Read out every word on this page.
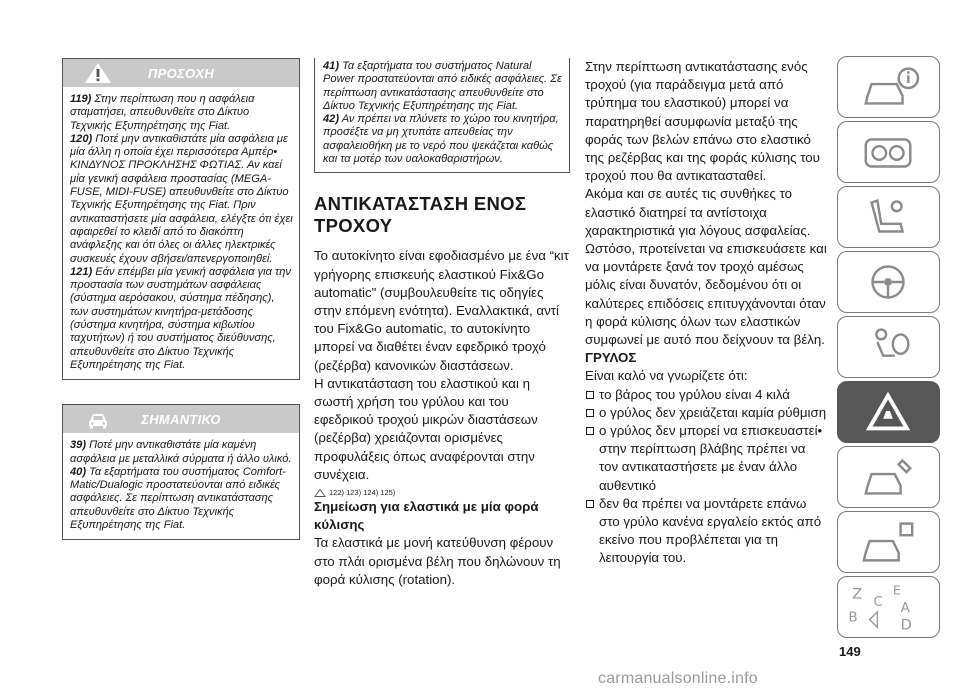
ΠΡΟΣΟΧΗ

119) Στην περίπτωση που η ασφάλεια σταματήσει, απευθυνθείτε στο Δίκτυο Τεχνικής Εξυπηρέτησης της Fiat.

120) Ποτέ μην αντικαθιστάτε μία ασφάλεια με μία άλλη η οποία έχει περισσότερα Αμπέρ• ΚΙΝΔΥΝΟΣ ΠΡΟΚΛΗΣΗΣ ΦΩΤΙΑΣ. Αν καεί μία γενική ασφάλεια προστασίας (MEGA-FUSE, MIDI-FUSE) απευθυνθείτε στο Δίκτυο Τεχνικής Εξυπηρέτησης της Fiat. Πριν αντικαταστήσετε μία ασφάλεια, ελέγξτε ότι έχει αφαιρεθεί το κλειδί από το διακόπτη ανάφλεξης και ότι όλες οι άλλες ηλεκτρικές συσκευές έχουν σβήσει/απενεργοποιηθεί.

121) Εάν επέμβει μία γενική ασφάλεια για την προστασία των συστημάτων ασφάλειας (σύστημα αερόσακου, σύστημα πέδησης), των συστημάτων κινητήρα-μετάδοσης (σύστημα κινητήρα, σύστημα κιβωτίου ταχυτήτων) ή του συστήματος διεύθυνσης, απευθυνθείτε στο Δίκτυο Τεχνικής Εξυπηρέτησης της Fiat.

ΣΗΜΑΝΤΙΚΟ

39) Ποτέ μην αντικαθιστάτε μία καμένη ασφάλεια με μεταλλικά σύρματα ή άλλο υλικό.

40) Τα εξαρτήματα του συστήματος Comfort-Matic/Dualogic προστατεύονται από ειδικές ασφάλειες. Σε περίπτωση αντικατάστασης απευθυνθείτε στο Δίκτυο Τεχνικής Εξυπηρέτησης της Fiat.

41) Τα εξαρτήματα του συστήματος Natural Power προστατεύονται από ειδικές ασφάλειες. Σε περίπτωση αντικατάστασης απευθυνθείτε στο Δίκτυο Τεχνικής Εξυπηρέτησης της Fiat.

42) Αν πρέπει να πλύνετε το χώρο του κινητήρα, προσέξτε να μη χτυπάτε απευθείας την ασφαλειοθήκη με το νερό που ψεκάζεται καθώς και τα μοτέρ των υαλοκαθαριστήρων.

ΑΝΤΙΚΑΤΑΣΤΑΣΗ ΕΝΟΣ
ΤΡΟΧΟΥ

Το αυτοκίνητο είναι εφοδιασμένο με ένα “κιτ γρήγορης επισκευής ελαστικού Fix&Go automatic" (συμβουλευθείτε τις οδηγίες στην επόμενη ενότητα). Εναλλακτικά, αντί του Fix&Go automatic, το αυτοκίνητο μπορεί να διαθέτει έναν εφεδρικό τροχό (ρεζέρβα) κανονικών διαστάσεων.

Η αντικατάσταση του ελαστικού και η σωστή χρήση του γρύλου και του εφεδρικού τροχού μικρών διαστάσεων (ρεζέρβα) χρειάζονται ορισμένες προφυλάξεις όπως αναφέρονται στην συνέχεια.

122) 123) 124) 125)

Σημείωση για ελαστικά με μία φορά κύλισης

Τα ελαστικά με μονή κατεύθυνση φέρουν στο πλάι ορισμένα βέλη που δηλώνουν τη φορά κύλισης (rotation).

Στην περίπτωση αντικατάστασης ενός τροχού (για παράδειγμα μετά από τρύπημα του ελαστικού) μπορεί να παρατηρηθεί ασυμφωνία μεταξύ της φοράς των βελών επάνω στο ελαστικό της ρεζέρβας και της φοράς κύλισης του τροχού που θα αντικατασταθεί.

Ακόμα και σε αυτές τις συνθήκες το ελαστικό διατηρεί τα αντίστοιχα χαρακτηριστικά για λόγους ασφαλείας.

Ωστόσο, προτείνεται να επισκευάσετε και να μοντάρετε ξανά τον τροχό αμέσως μόλις είναι δυνατόν, δεδομένου ότι οι καλύτερες επιδόσεις επιτυγχάνονται όταν η φορά κύλισης όλων των ελαστικών συμφωνεί με αυτό που δείχνουν τα βέλη.

ΓΡΥΛΟΣ

Είναι καλό να γνωρίζετε ότι:

το βάρος του γρύλου είναι 4 κιλά

ο γρύλος δεν χρειάζεται καμία ρύθμιση

ο γρύλος δεν μπορεί να επισκευαστεί• στην περίπτωση βλάβης πρέπει να τον αντικαταστήσετε με έναν άλλο αυθεντικό

δεν θα πρέπει να μοντάρετε επάνω στο γρύλο κανένα εργαλείο εκτός από εκείνο που προβλέπεται για τη λειτουργία του.

Z E
C
B
A
D
149
carmanualsonline.info
